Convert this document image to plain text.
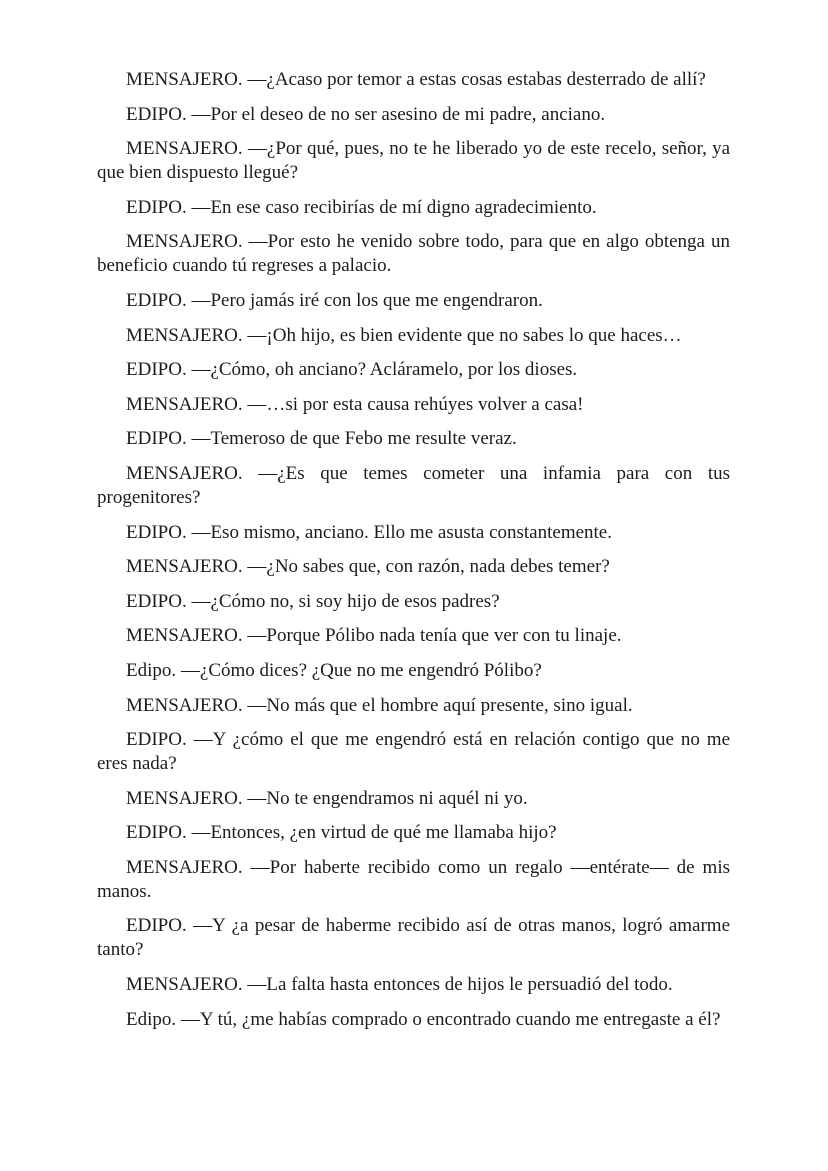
MENSAJERO. —¿Acaso por temor a estas cosas estabas desterrado de allí?

EDIPO. —Por el deseo de no ser asesino de mi padre, anciano.

MENSAJERO. —¿Por qué, pues, no te he liberado yo de este recelo, señor, ya que bien dispuesto llegué?

EDIPO. —En ese caso recibirías de mí digno agradecimiento.

MENSAJERO. —Por esto he venido sobre todo, para que en algo obtenga un beneficio cuando tú regreses a palacio.

EDIPO. —Pero jamás iré con los que me engendraron.

MENSAJERO. —¡Oh hijo, es bien evidente que no sabes lo que haces…

EDIPO. —¿Cómo, oh anciano? Acláramelo, por los dioses.

MENSAJERO. —…si por esta causa rehúyes volver a casa!

EDIPO. —Temeroso de que Febo me resulte veraz.

MENSAJERO. —¿Es que temes cometer una infamia para con tus progenitores?

EDIPO. —Eso mismo, anciano. Ello me asusta constantemente.

MENSAJERO. —¿No sabes que, con razón, nada debes temer?

EDIPO. —¿Cómo no, si soy hijo de esos padres?

MENSAJERO. —Porque Pólibo nada tenía que ver con tu linaje.

Edipo. —¿Cómo dices? ¿Que no me engendró Pólibo?

MENSAJERO. —No más que el hombre aquí presente, sino igual.

EDIPO. —Y ¿cómo el que me engendró está en relación contigo que no me eres nada?

MENSAJERO. —No te engendramos ni aquél ni yo.

EDIPO. —Entonces, ¿en virtud de qué me llamaba hijo?

MENSAJERO. —Por haberte recibido como un regalo —entérate— de mis manos.

EDIPO. —Y ¿a pesar de haberme recibido así de otras manos, logró amarme tanto?

MENSAJERO. —La falta hasta entonces de hijos le persuadió del todo.

Edipo. —Y tú, ¿me habías comprado o encontrado cuando me entregaste a él?
